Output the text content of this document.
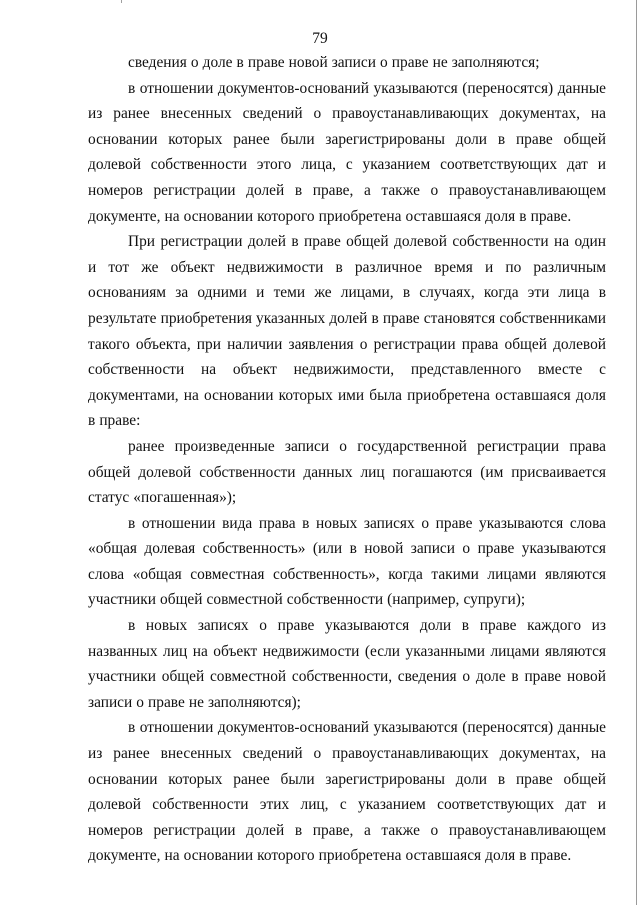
79

сведения о доле в праве новой записи о праве не заполняются;

в отношении документов-оснований указываются (переносятся) данные из ранее внесенных сведений о правоустанавливающих документах, на основании которых ранее были зарегистрированы доли в праве общей долевой собственности этого лица, с указанием соответствующих дат и номеров регистрации долей в праве, а также о правоустанавливающем документе, на основании которого приобретена оставшаяся доля в праве.

При регистрации долей в праве общей долевой собственности на один и тот же объект недвижимости в различное время и по различным основаниям за одними и теми же лицами, в случаях, когда эти лица в результате приобретения указанных долей в праве становятся собственниками такого объекта, при наличии заявления о регистрации права общей долевой собственности на объект недвижимости, представленного вместе с документами, на основании которых ими была приобретена оставшаяся доля в праве:

ранее произведенные записи о государственной регистрации права общей долевой собственности данных лиц погашаются (им присваивается статус «погашенная»);

в отношении вида права в новых записях о праве указываются слова «общая долевая собственность» (или в новой записи о праве указываются слова «общая совместная собственность», когда такими лицами являются участники общей совместной собственности (например, супруги);

в новых записях о праве указываются доли в праве каждого из названных лиц на объект недвижимости (если указанными лицами являются участники общей совместной собственности, сведения о доле в праве новой записи о праве не заполняются);

в отношении документов-оснований указываются (переносятся) данные из ранее внесенных сведений о правоустанавливающих документах, на основании которых ранее были зарегистрированы доли в праве общей долевой собственности этих лиц, с указанием соответствующих дат и номеров регистрации долей в праве, а также о правоустанавливающем документе, на основании которого приобретена оставшаяся доля в праве.
